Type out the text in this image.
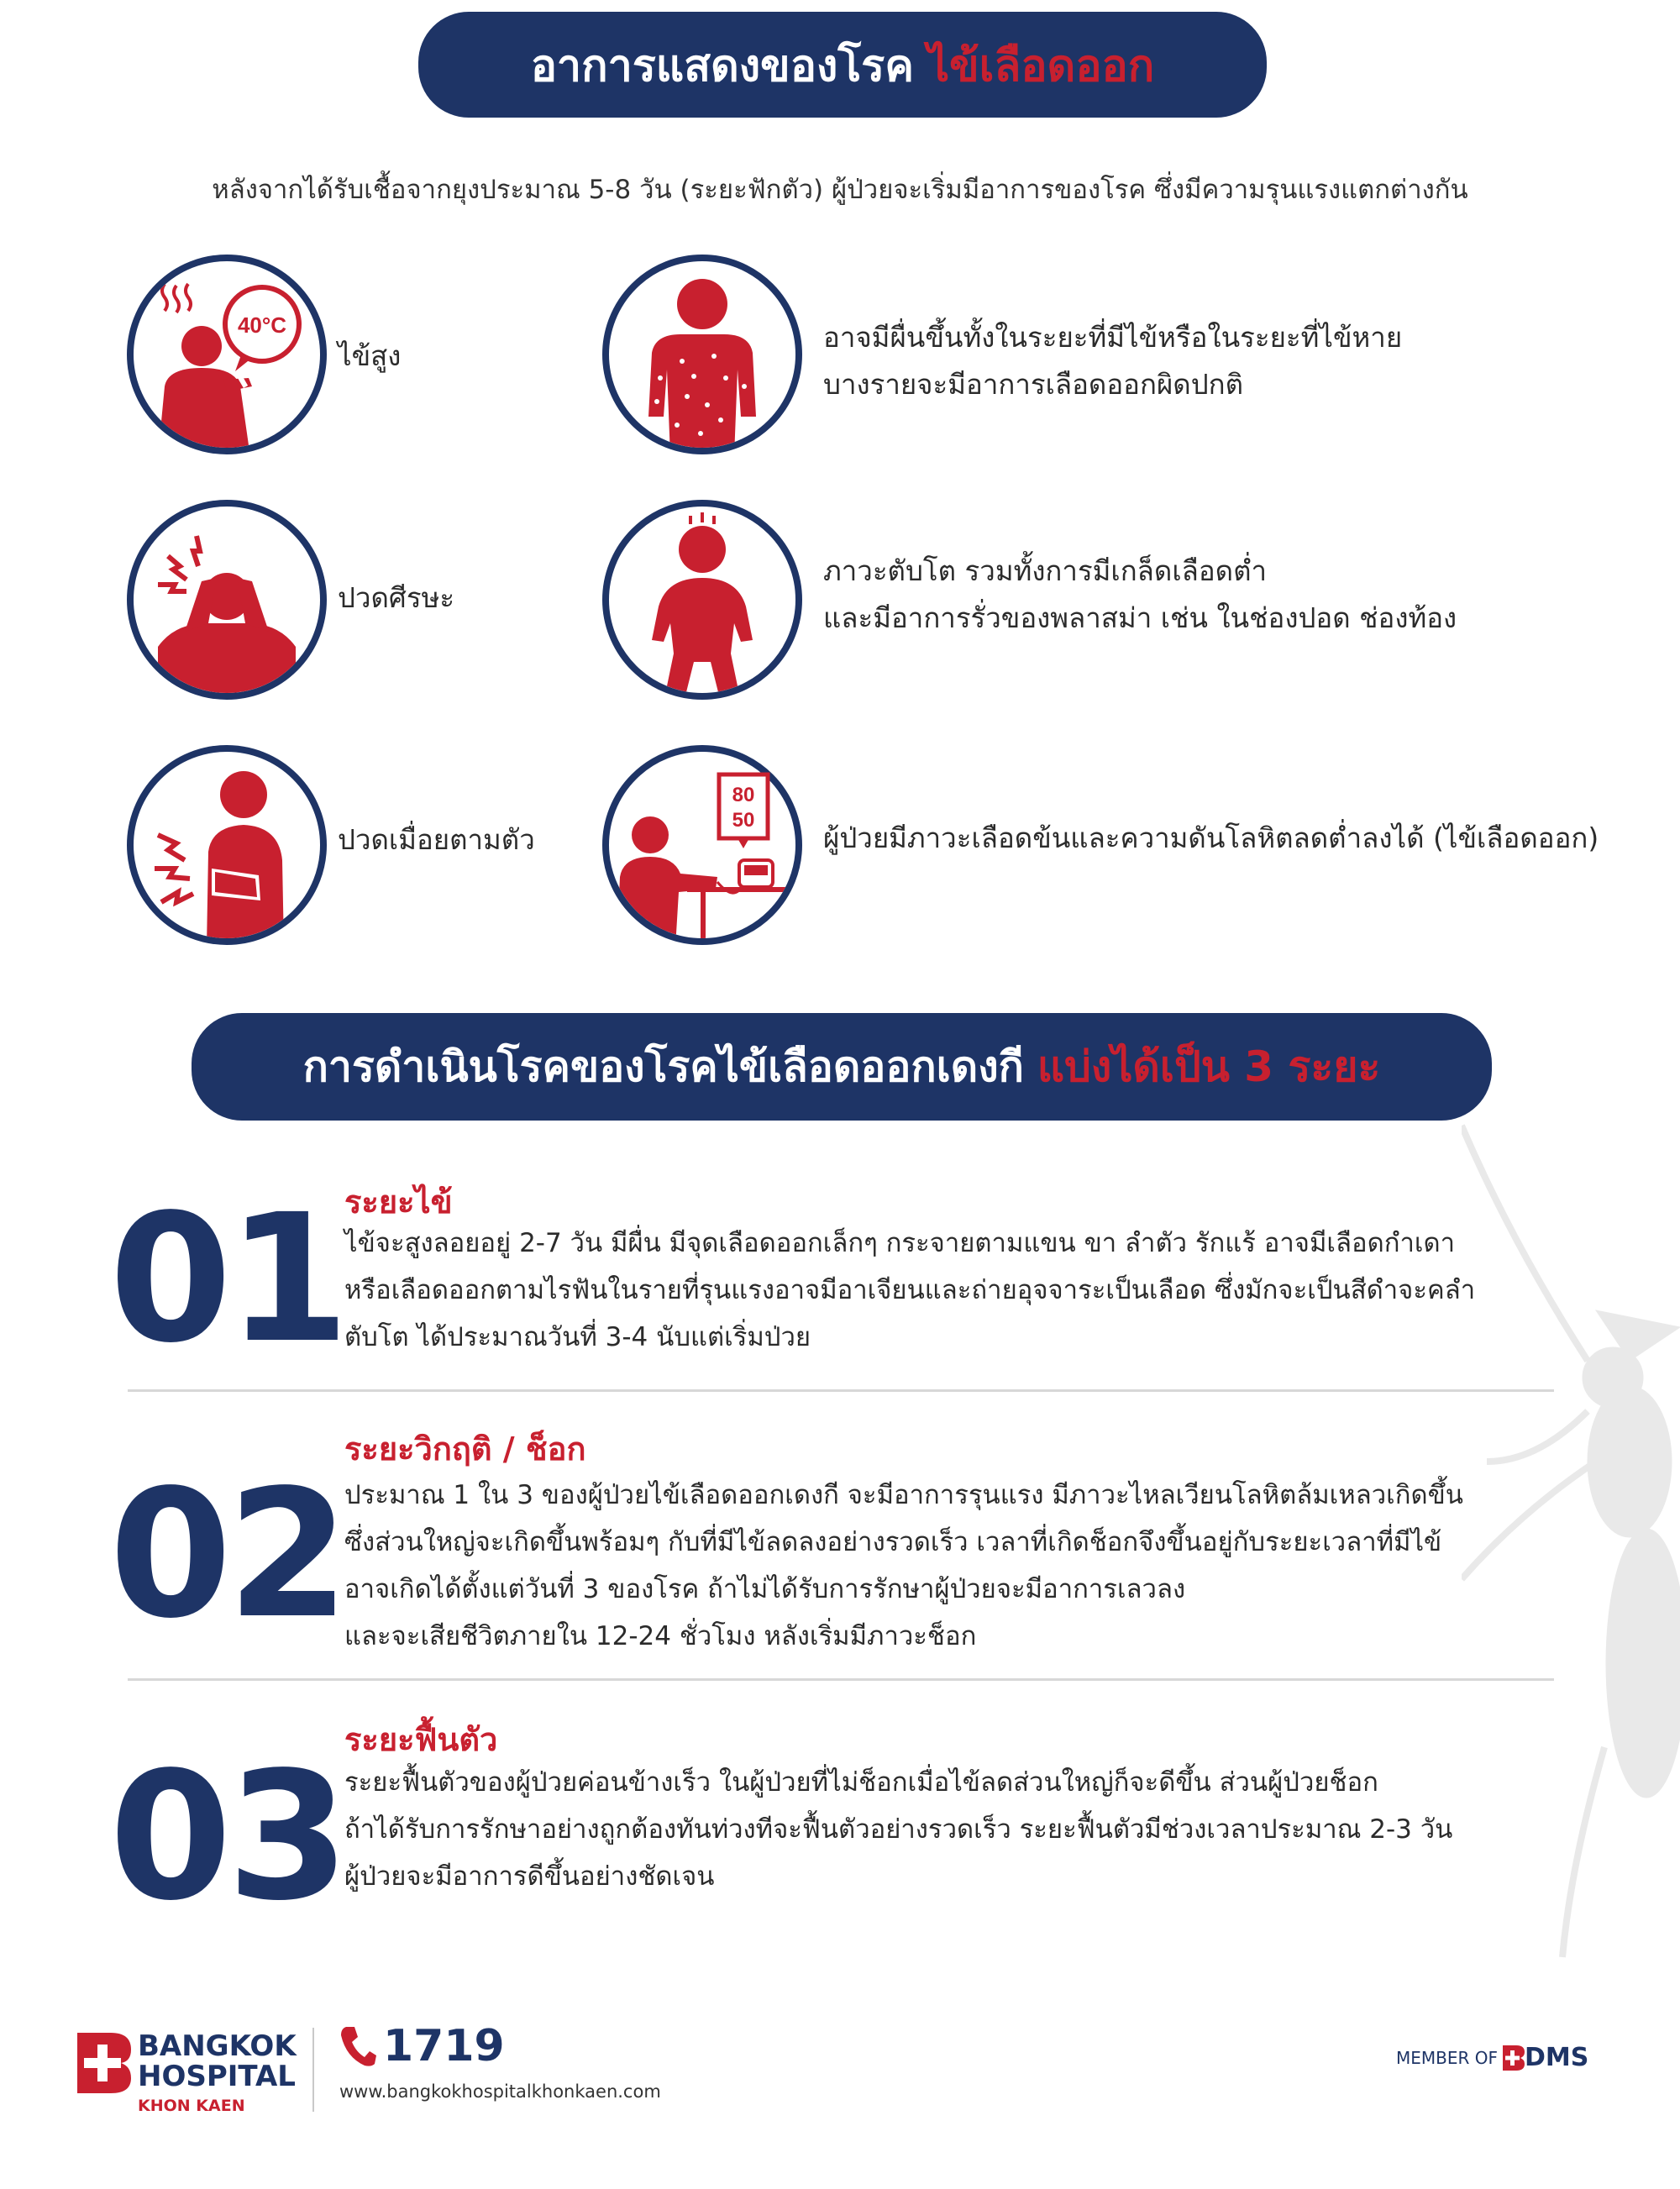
อาการแสดงของโรค ไข้เลือดออก
หลังจากได้รับเชื้อจากยุงประมาณ 5-8 วัน (ระยะฟักตัว) ผู้ป่วยจะเริ่มมีอาการของโรค ซึ่งมีความรุนแรงแตกต่างกัน
40°C
ไข้สูง
ปวดศีรษะ
ปวดเมื่อยตามตัว
อาจมีผื่นขึ้นทั้งในระยะที่มีไข้หรือในระยะที่ไข้หาย
บางรายจะมีอาการเลือดออกผิดปกติ
ภาวะตับโต รวมทั้งการมีเกล็ดเลือดต่ำ
และมีอาการรั่วของพลาสม่า เช่น ในช่องปอด ช่องท้อง
80
50
ผู้ป่วยมีภาวะเลือดข้นและความดันโลหิตลดต่ำลงได้ (ไข้เลือดออก)
การดำเนินโรคของโรคไข้เลือดออกเดงกี แบ่งได้เป็น 3 ระยะ
01 ระยะไข้
ไข้จะสูงลอยอยู่ 2-7 วัน มีผื่น มีจุดเลือดออกเล็กๆ กระจายตามแขน ขา ลำตัว รักแร้ อาจมีเลือดกำเดา
หรือเลือดออกตามไรฟันในรายที่รุนแรงอาจมีอาเจียนและถ่ายอุจจาระเป็นเลือด ซึ่งมักจะเป็นสีดำจะคลำ
ตับโต ได้ประมาณวันที่ 3-4 นับแต่เริ่มป่วย
02
ระยะวิกฤติ / ช็อก
ประมาณ 1 ใน 3 ของผู้ป่วยไข้เลือดออกเดงกี จะมีอาการรุนแรง มีภาวะไหลเวียนโลหิตล้มเหลวเกิดขึ้น
ซึ่งส่วนใหญ่จะเกิดขึ้นพร้อมๆ กับที่มีไข้ลดลงอย่างรวดเร็ว เวลาที่เกิดช็อกจึงขึ้นอยู่กับระยะเวลาที่มีไข้
อาจเกิดได้ตั้งแต่วันที่ 3 ของโรค ถ้าไม่ได้รับการรักษาผู้ป่วยจะมีอาการเลวลง
และจะเสียชีวิตภายใน 12-24 ชั่วโมง หลังเริ่มมีภาวะช็อก
03 ระยะฟื้นตัว
ระยะฟื้นตัวของผู้ป่วยค่อนข้างเร็ว ในผู้ป่วยที่ไม่ช็อกเมื่อไข้ลดส่วนใหญ่ก็จะดีขึ้น ส่วนผู้ป่วยช็อก
ถ้าได้รับการรักษาอย่างถูกต้องทันท่วงทีจะฟื้นตัวอย่างรวดเร็ว ระยะฟื้นตัวมีช่วงเวลาประมาณ 2-3 วัน
ผู้ป่วยจะมีอาการดีขึ้นอย่างชัดเจน
BANGKOK
HOSPITAL
KHON KAEN
1719
www.bangkokhospitalkhonkaen.com
MEMBER OF DMS
